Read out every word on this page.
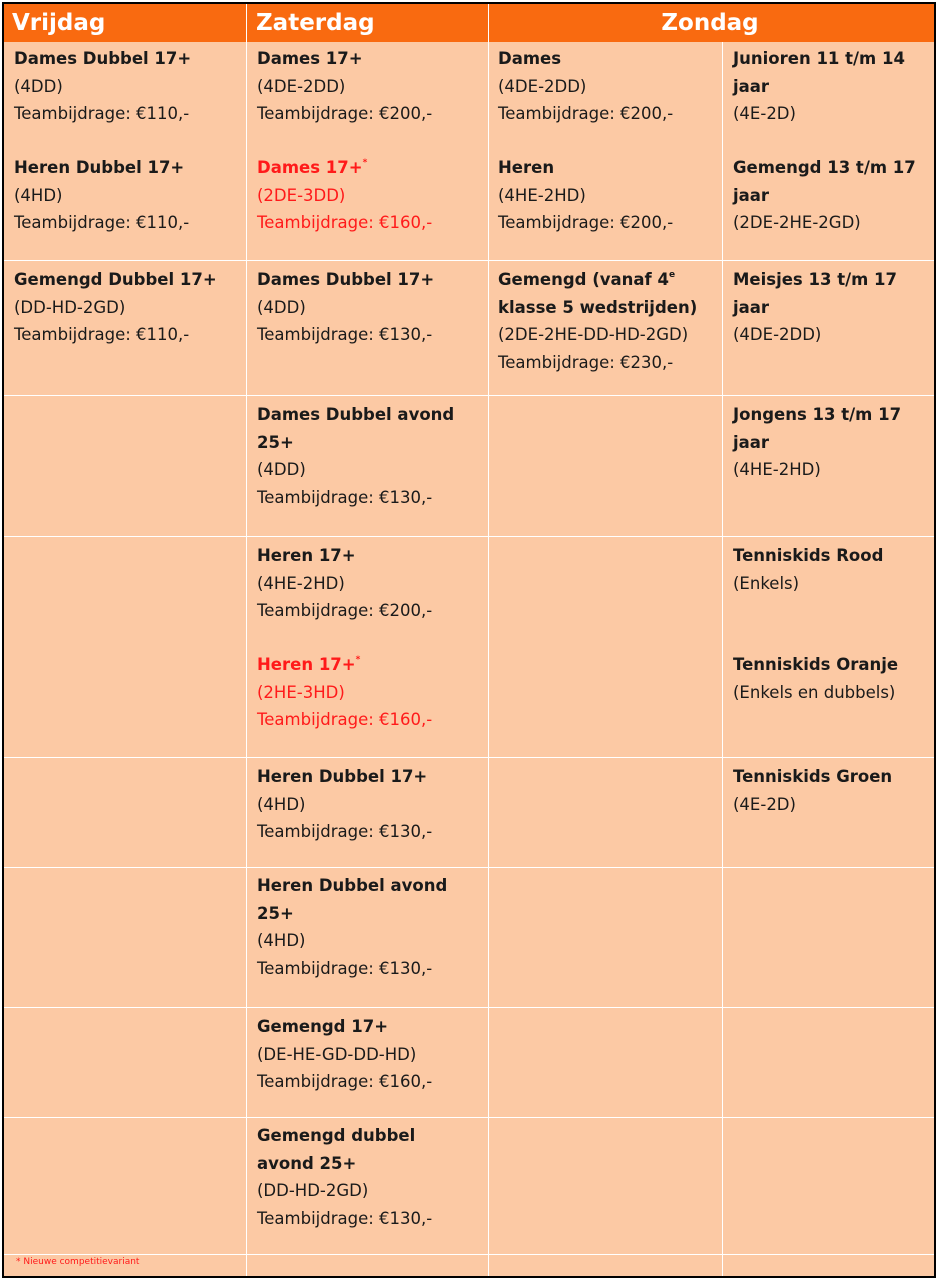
Vrijdag	Zaterdag	Zondag
Dames Dubbel 17+
(4DD)
Teambijdrage: €110,-
Heren Dubbel 17+
(4HD)
Teambijdrage: €110,-
Gemengd Dubbel 17+
(DD-HD-2GD)
Teambijdrage: €110,-
Dames 17+
(4DE-2DD)
Teambijdrage: €200,-
Dames 17+*
(2DE-3DD)
Teambijdrage: €160,-
Dames Dubbel 17+
(4DD)
Teambijdrage: €130,-
Dames Dubbel avond
25+
(4DD)
Teambijdrage: €130,-
Heren 17+
(4HE-2HD)
Teambijdrage: €200,-
Heren 17+*
(2HE-3HD)
Teambijdrage: €160,-
Heren Dubbel 17+
(4HD)
Teambijdrage: €130,-
Heren Dubbel avond
25+
(4HD)
Teambijdrage: €130,-
Gemengd 17+
(DE-HE-GD-DD-HD)
Teambijdrage: €160,-
Gemengd dubbel
avond 25+
(DD-HD-2GD)
Teambijdrage: €130,-
Dames
(4DE-2DD)
Teambijdrage: €200,-
Heren
(4HE-2HD)
Teambijdrage: €200,-
Gemengd (vanaf 4e
klasse 5 wedstrijden)
(2DE-2HE-DD-HD-2GD)
Teambijdrage: €230,-
Junioren 11 t/m 14
jaar
(4E-2D)
Gemengd 13 t/m 17
jaar
(2DE-2HE-2GD)
Meisjes 13 t/m 17
jaar
(4DE-2DD)
Jongens 13 t/m 17
jaar
(4HE-2HD)
Tenniskids Rood
(Enkels)
Tenniskids Oranje
(Enkels en dubbels)
Tenniskids Groen
(4E-2D)
* Nieuwe competitievariant
